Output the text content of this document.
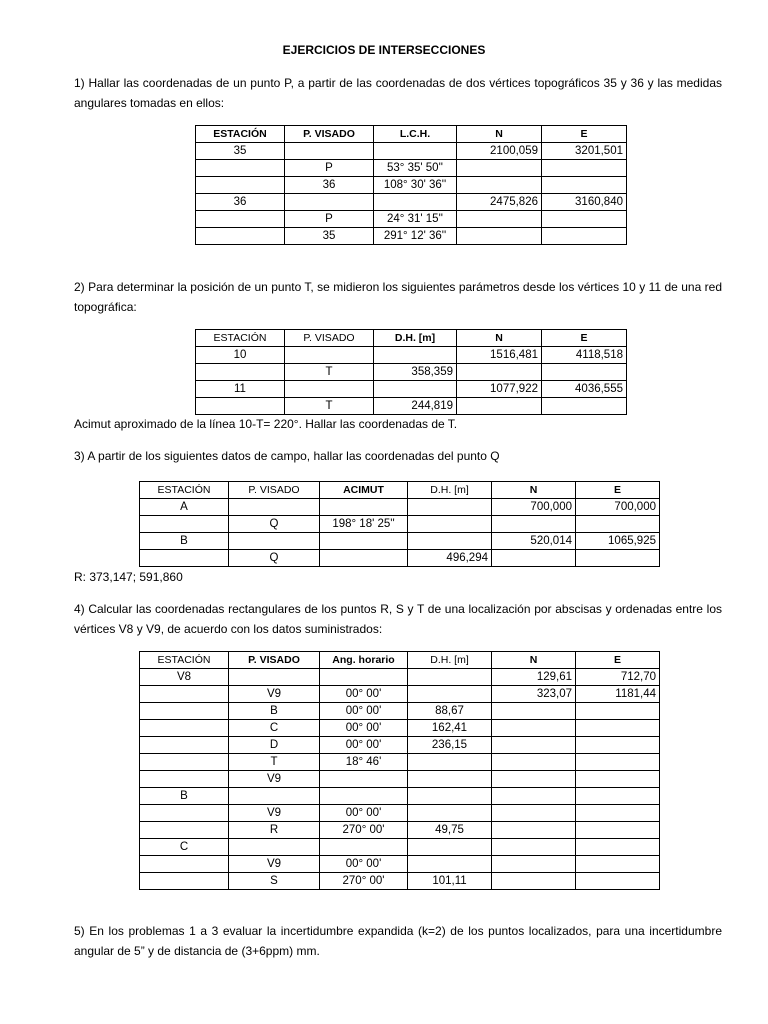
EJERCICIOS DE INTERSECCIONES
1) Hallar las coordenadas de un punto P, a partir de las coordenadas de dos vértices topográficos 35 y 36 y las medidas angulares tomadas en ellos:
ESTACIÓN	P. VISADO	L.C.H.	N	E
35			2100,059	3201,501
	P	53° 35' 50''		
	36	108° 30' 36''		
36			2475,826	3160,840
	P	24° 31' 15''		
	35	291° 12' 36''		
2) Para determinar la posición de un punto T, se midieron los siguientes parámetros desde los vértices 10 y 11 de una red topográfica:
ESTACIÓN	P. VISADO	D.H. [m]	N	E
10			1516,481	4118,518
	T	358,359		
11			1077,922	4036,555
	T	244,819		
Acimut aproximado de la línea 10-T= 220°. Hallar las coordenadas de T.
3) A partir de los siguientes datos de campo, hallar las coordenadas del punto Q
ESTACIÓN	P. VISADO	ACIMUT	D.H. [m]	N	E
A				700,000	700,000
	Q	198° 18' 25''			
B				520,014	1065,925
	Q		496,294		
R: 373,147; 591,860
4) Calcular las coordenadas rectangulares de los puntos R, S y T de una localización por abscisas y ordenadas entre los vértices V8 y V9, de acuerdo con los datos suministrados:
ESTACIÓN	P. VISADO	Ang. horario	D.H. [m]	N	E
V8				129,61	712,70
	V9	00° 00'		323,07	1181,44
	B	00° 00'	88,67		
	C	00° 00'	162,41		
	D	00° 00'	236,15		
	T	18° 46'			
	V9				
B					
	V9	00° 00'			
	R	270° 00'	49,75		
C					
	V9	00° 00'			
	S	270° 00'	101,11		
5) En los problemas 1 a 3 evaluar la incertidumbre expandida (k=2) de los puntos localizados, para una incertidumbre angular de 5” y de distancia de (3+6ppm) mm.
